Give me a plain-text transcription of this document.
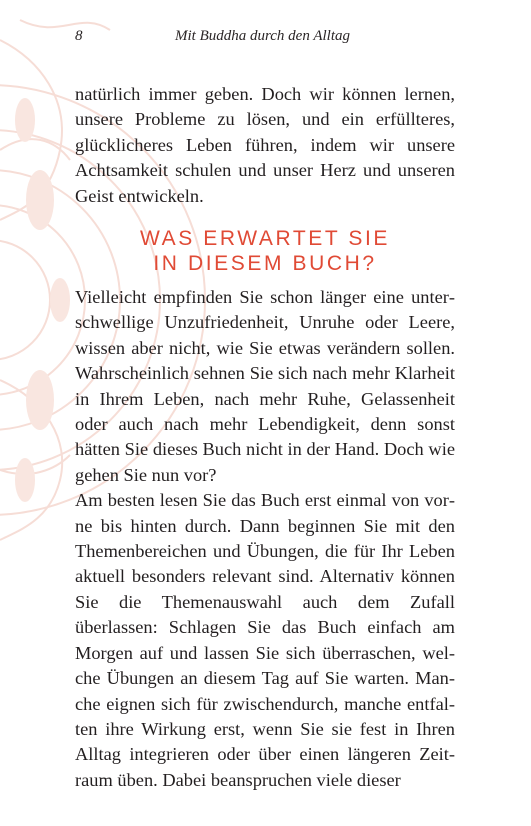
8	Mit Buddha durch den Alltag

natürlich immer geben. Doch wir können lernen, unsere Probleme zu lösen, und ein erfüllteres, glücklicheres Leben führen, indem wir unsere Achtsamkeit schulen und unser Herz und unseren Geist entwickeln.

WAS ERWARTET SIE
IN DIESEM BUCH?

Vielleicht empfinden Sie schon länger eine unterschwellige Unzufriedenheit, Unruhe oder Leere, wissen aber nicht, wie Sie etwas verändern sollen. Wahrscheinlich sehnen Sie sich nach mehr Klarheit in Ihrem Leben, nach mehr Ruhe, Gelassenheit oder auch nach mehr Lebendigkeit, denn sonst hätten Sie dieses Buch nicht in der Hand. Doch wie gehen Sie nun vor?

Am besten lesen Sie das Buch erst einmal von vorne bis hinten durch. Dann beginnen Sie mit den Themenbereichen und Übungen, die für Ihr Leben aktuell besonders relevant sind. Alternativ können Sie die Themenauswahl auch dem Zufall überlassen: Schlagen Sie das Buch einfach am Morgen auf und lassen Sie sich überraschen, welche Übungen an diesem Tag auf Sie warten. Manche eignen sich für zwischendurch, manche entfalten ihre Wirkung erst, wenn Sie sie fest in Ihren Alltag integrieren oder über einen längeren Zeitraum üben. Dabei beanspruchen viele dieser
